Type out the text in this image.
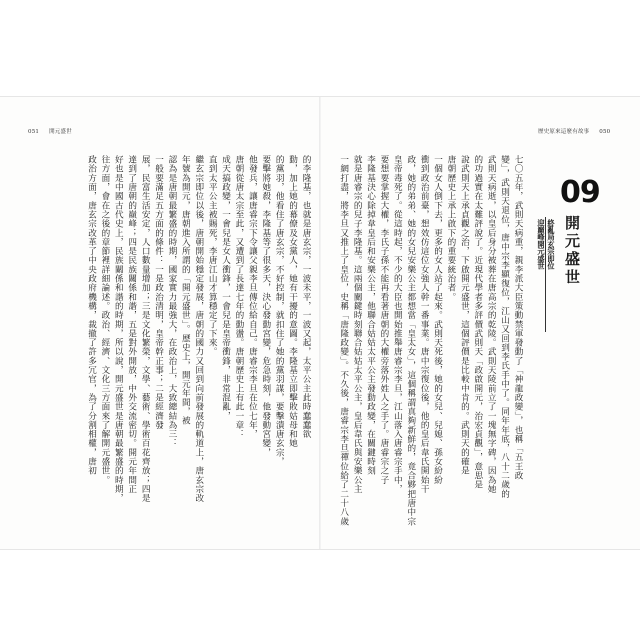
051 開元盛世	歷史原來這麼有故事 050

的李隆基，也就是唐玄宗，一波未平，一波又起，太平公主此時蠢蠢欲

動，加上她的幕僚及女黨人，她有干擾的意圖。李隆基立即擊敗姑母和她

的黨羽，他看住了唐玄宗，不好控制，就扣住了她的黨羽謀，要擊潰唐玄宗，

要擊將她殺，李隆基等了很多天，決心發動宮變，危急時刻，他發動宮變，

他發兵，讓唐睿宗下令讓父親李旦傳位給自己。唐睿宗李旦在位七年，

唐朝從唐太宗至此，又遭到了長達七年的動盪。唐朝歷史上有此一章：

成天搞政變，一會兒是女人衝鋒，一會兒是皇帝衝鋒，非常混亂，

直到太平公主被賜死，李唐江山才算穩定了下來。

繼玄宗即位以後，唐朝開始穩定發展，唐朝的國力又回到向前發展的軌道上，唐玄宗改

年號為開元，唐朝進入所謂的「開元盛世」。歷史上，開元年間，被

認為是唐朝最繁盛的時期，國家實力最強大，在政治上，大致總結為三：

一般要滿足五方面的條件：一是政治清明，皇帝幹正事；二是經濟發

展，民富生活安定，人口數量增加；三是文化繁榮，文學、藝術、學術百花齊放；四是

達到了唐朝的巔峰；四是民族關係和諧，五是對外開放，中外交流密切。開元年間正

好也是中國古代史上，民族關係和諧的時期，所以說，開元盛世是唐朝最繁盛的時期，

往方面，會在之後的章節裡詳細論述。政治、經濟、文化三方面來了解開元盛世。

政治方面，唐玄宗改革了中央政府機構，裁撤了許多冗官，為了分割相權，唐初	09
開元盛世
終亂局玄宗即位
迎巔峰開元盛世

七〇五年，武則天病重，親李派大臣策動禁軍發動了「神龍政變」，也稱「五王政

變」，武則天退位，唐中宗李顯復位，江山又回到李氏手中了。同年年底，八十二歲的

武則天病逝，以皇后身分被葬在唐高宗的乾陵。武則天陵前立了一塊無字碑，因為她

的功過實在太難評說了。近現代學者多評價武則天「政啟開元，治宏貞觀」，意思是

說武則天上承貞觀之治，下啟開元盛世，這個評價是比較中肯的。武則天的確是

唐朝歷史上承上啟下的重要統治者。

一個女人倒下去，更多的女人站了起來。武則天死後，她的女兒、兒媳、孫女紛紛

衝到政治前臺，想效仿這位女強人幹一番事業。唐中宗復位後，他的皇后韋氏開始干

政，她的弟弟、她的女兒安樂公主都想當「皇太女」，這個稱謂真夠新鮮的，竟合夥把唐中宗

皇帝毒死了。從這時起，不少的大臣也開始推舉唐睿宗李旦，江山落入唐睿宗手中，

要想要掌握大權，李氏子孫不能再看著唐朝的大權旁落外姓人之手了。唐睿宗之子

李隆基決心除掉韋皇后和安樂公主，他聯合姑姑太平公主發動政變，在關鍵時刻

就是唐睿宗的兒子李隆基。這兩個關鍵時刻聯合姑姑太平公主，皇后韋氏與安樂公主

一網打盡，將李旦又推上了皇位，史稱「唐隆政變」。不久後，唐睿宗李旦禪位給了二十八歲
